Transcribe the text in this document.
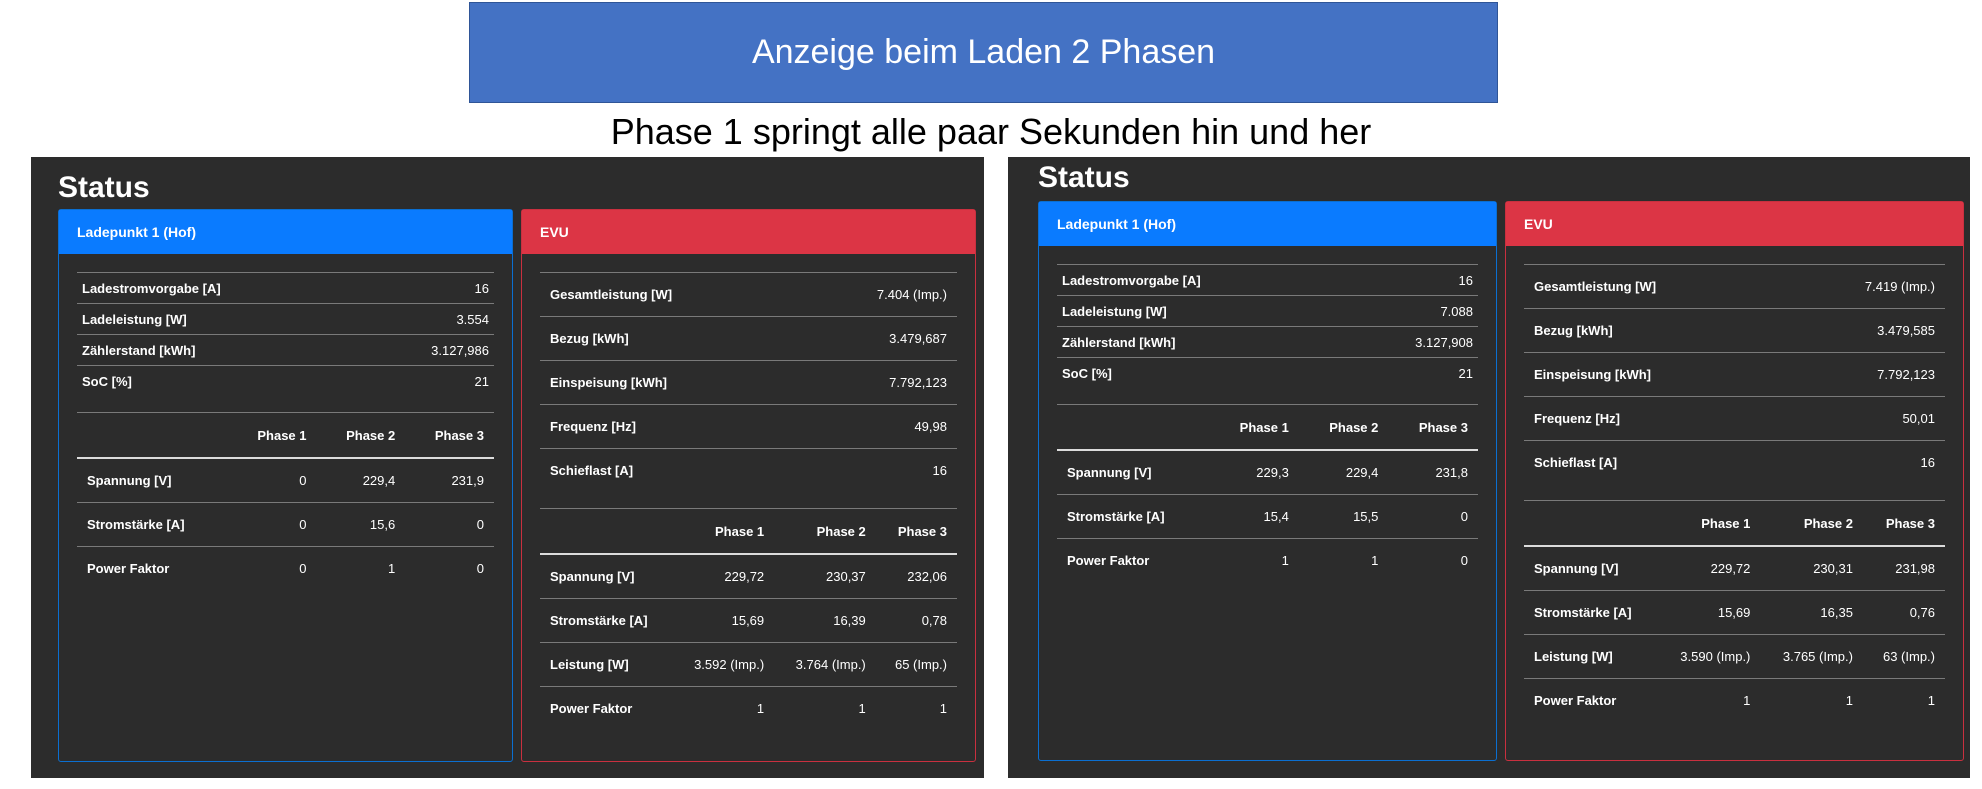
Anzeige beim Laden 2 Phasen
Phase 1 springt alle paar Sekunden hin und her
Status
Ladepunkt 1 (Hof)
Ladestromvorgabe [A]	16
Ladeleistung [W]	3.554
Zählerstand [kWh]	3.127,986
SoC [%]	21
	Phase 1	Phase 2	Phase 3
Spannung [V]	0	229,4	231,9
Stromstärke [A]	0	15,6	0
Power Faktor	0	1	0
EVU
Gesamtleistung [W]	7.404 (Imp.)
Bezug [kWh]	3.479,687
Einspeisung [kWh]	7.792,123
Frequenz [Hz]	49,98
Schieflast [A]	16
	Phase 1	Phase 2	Phase 3
Spannung [V]	229,72	230,37	232,06
Stromstärke [A]	15,69	16,39	0,78
Leistung [W]	3.592 (Imp.)	3.764 (Imp.)	65 (Imp.)
Power Faktor	1	1	1
Status
Ladepunkt 1 (Hof)
Ladestromvorgabe [A]	16
Ladeleistung [W]	7.088
Zählerstand [kWh]	3.127,908
SoC [%]	21
	Phase 1	Phase 2	Phase 3
Spannung [V]	229,3	229,4	231,8
Stromstärke [A]	15,4	15,5	0
Power Faktor	1	1	0
EVU
Gesamtleistung [W]	7.419 (Imp.)
Bezug [kWh]	3.479,585
Einspeisung [kWh]	7.792,123
Frequenz [Hz]	50,01
Schieflast [A]	16
	Phase 1	Phase 2	Phase 3
Spannung [V]	229,72	230,31	231,98
Stromstärke [A]	15,69	16,35	0,76
Leistung [W]	3.590 (Imp.)	3.765 (Imp.)	63 (Imp.)
Power Faktor	1	1	1
